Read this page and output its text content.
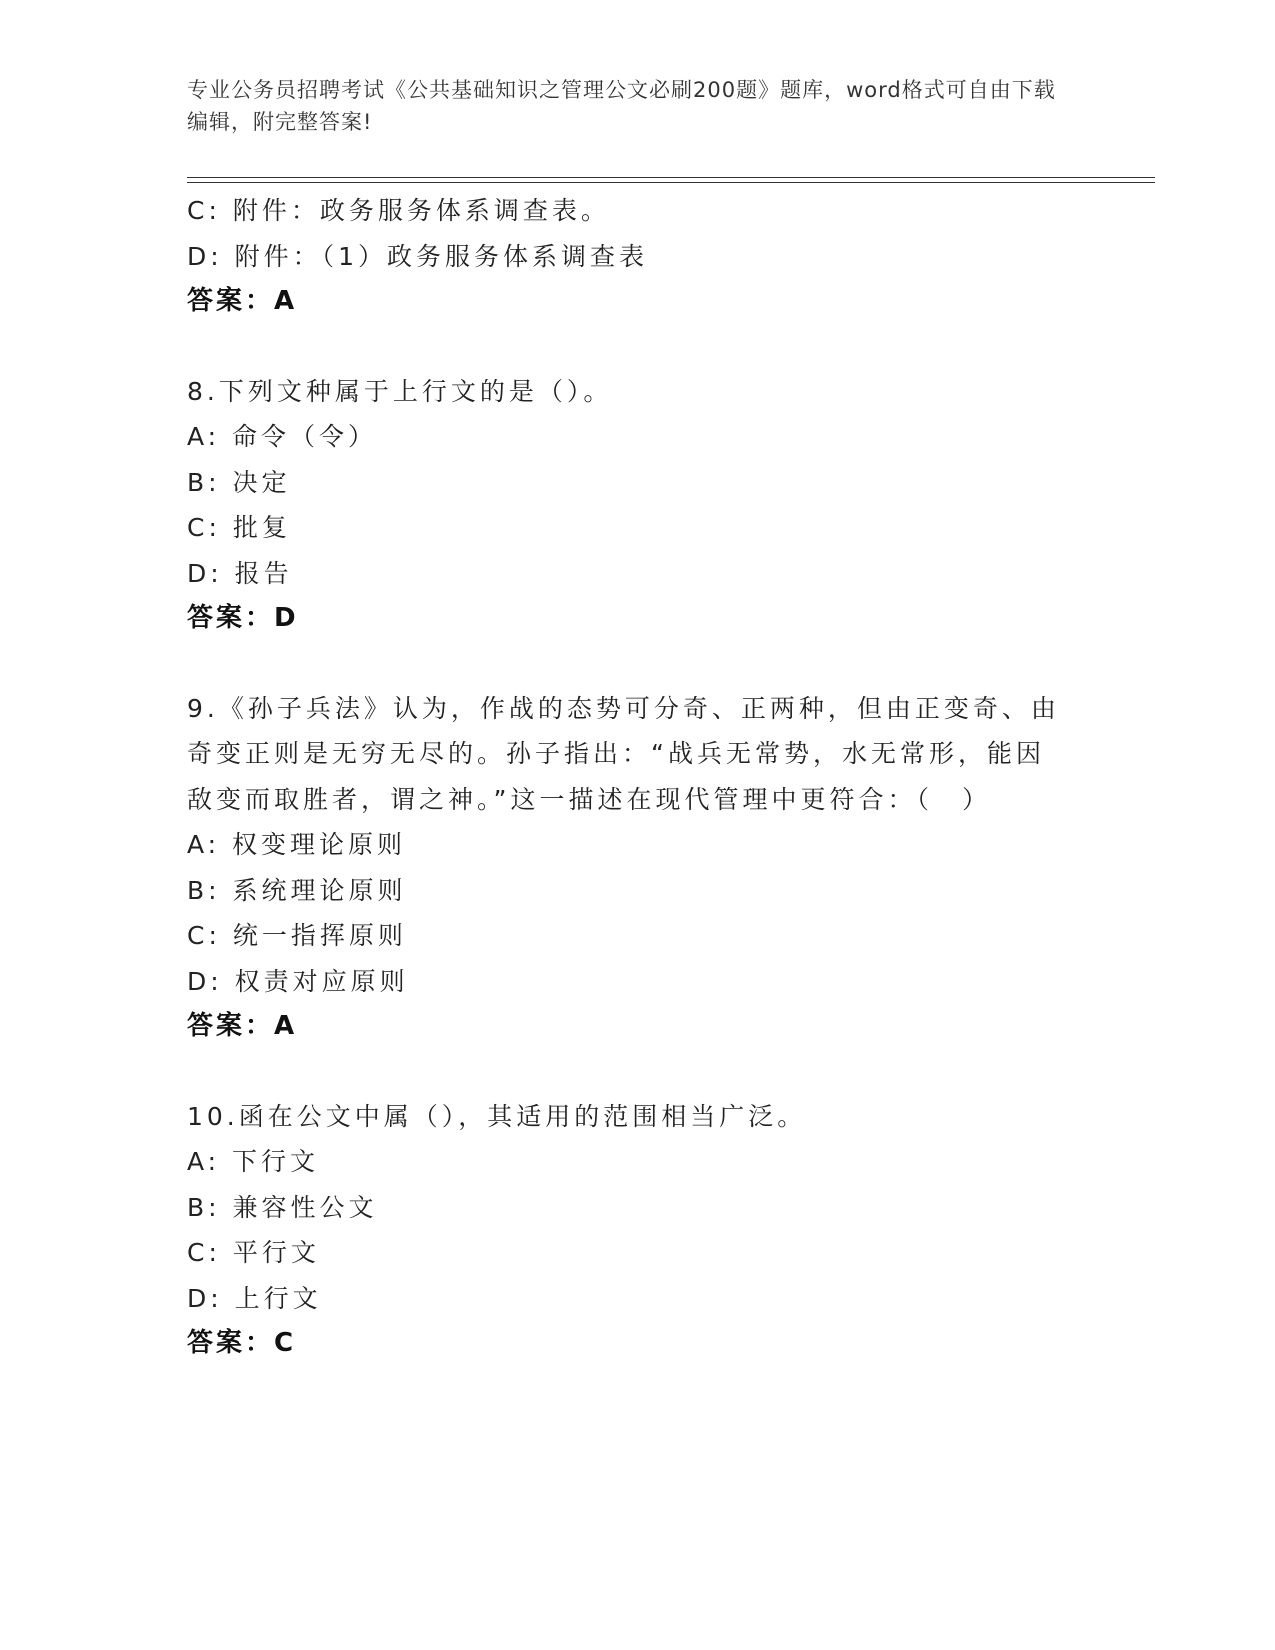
专业公务员招聘考试《公共基础知识之管理公文必刷200题》题库，word格式可自由下载编辑，附完整答案!
C: 附件：政务服务体系调查表。
D: 附件：（1）政务服务体系调查表
答案：A
8.下列文种属于上行文的是（）。
A: 命令（令）
B: 决定
C: 批复
D: 报告
答案：D
9.《孙子兵法》认为，作战的态势可分奇、正两种，但由正变奇、由奇变正则是无穷无尽的。孙子指出：“战兵无常势，水无常形，能因敌变而取胜者，谓之神。”这一描述在现代管理中更符合：（　）
A: 权变理论原则
B: 系统理论原则
C: 统一指挥原则
D: 权责对应原则
答案：A
10.函在公文中属（），其适用的范围相当广泛。
A: 下行文
B: 兼容性公文
C: 平行文
D: 上行文
答案：C
